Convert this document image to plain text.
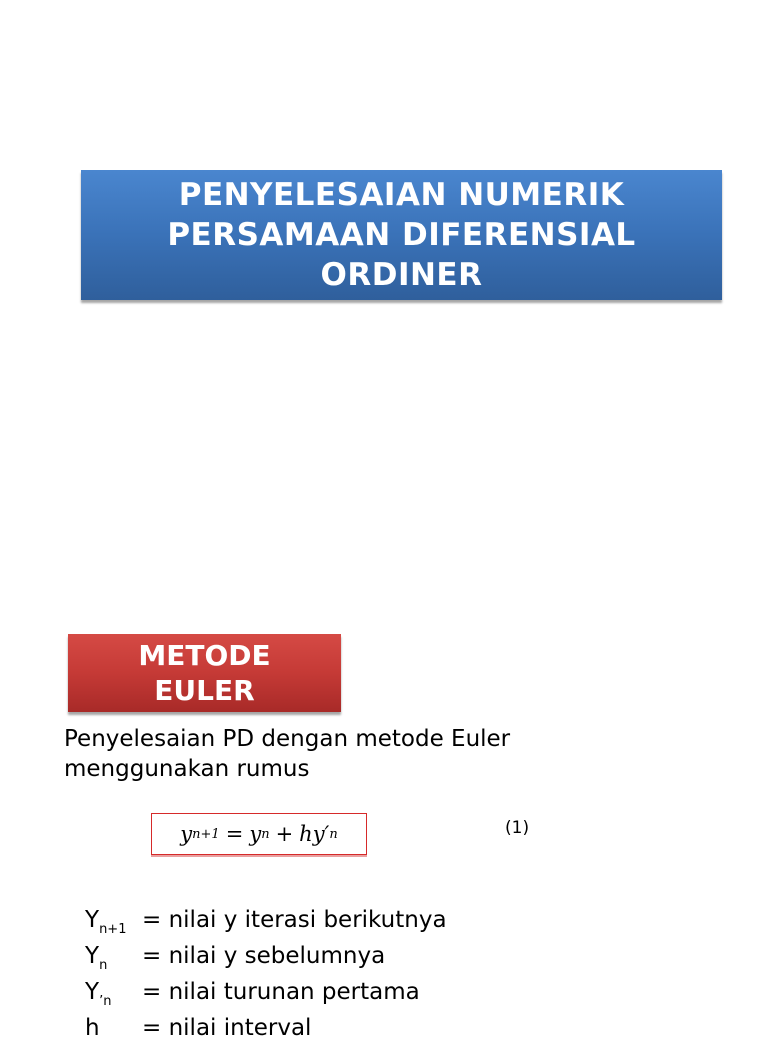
PENYELESAIAN NUMERIK
PERSAMAAN DIFERENSIAL
ORDINER

METODE
EULER

Penyelesaian PD dengan metode Euler
menggunakan rumus

y n+1 = y n + hy′ n	(1)
$Y_{n+1}$ = nilai y iterasi berikutnya
$Y_n$ = nilai y sebelumnya
$Y_{’n}$ = nilai turunan pertama
h = nilai interval
